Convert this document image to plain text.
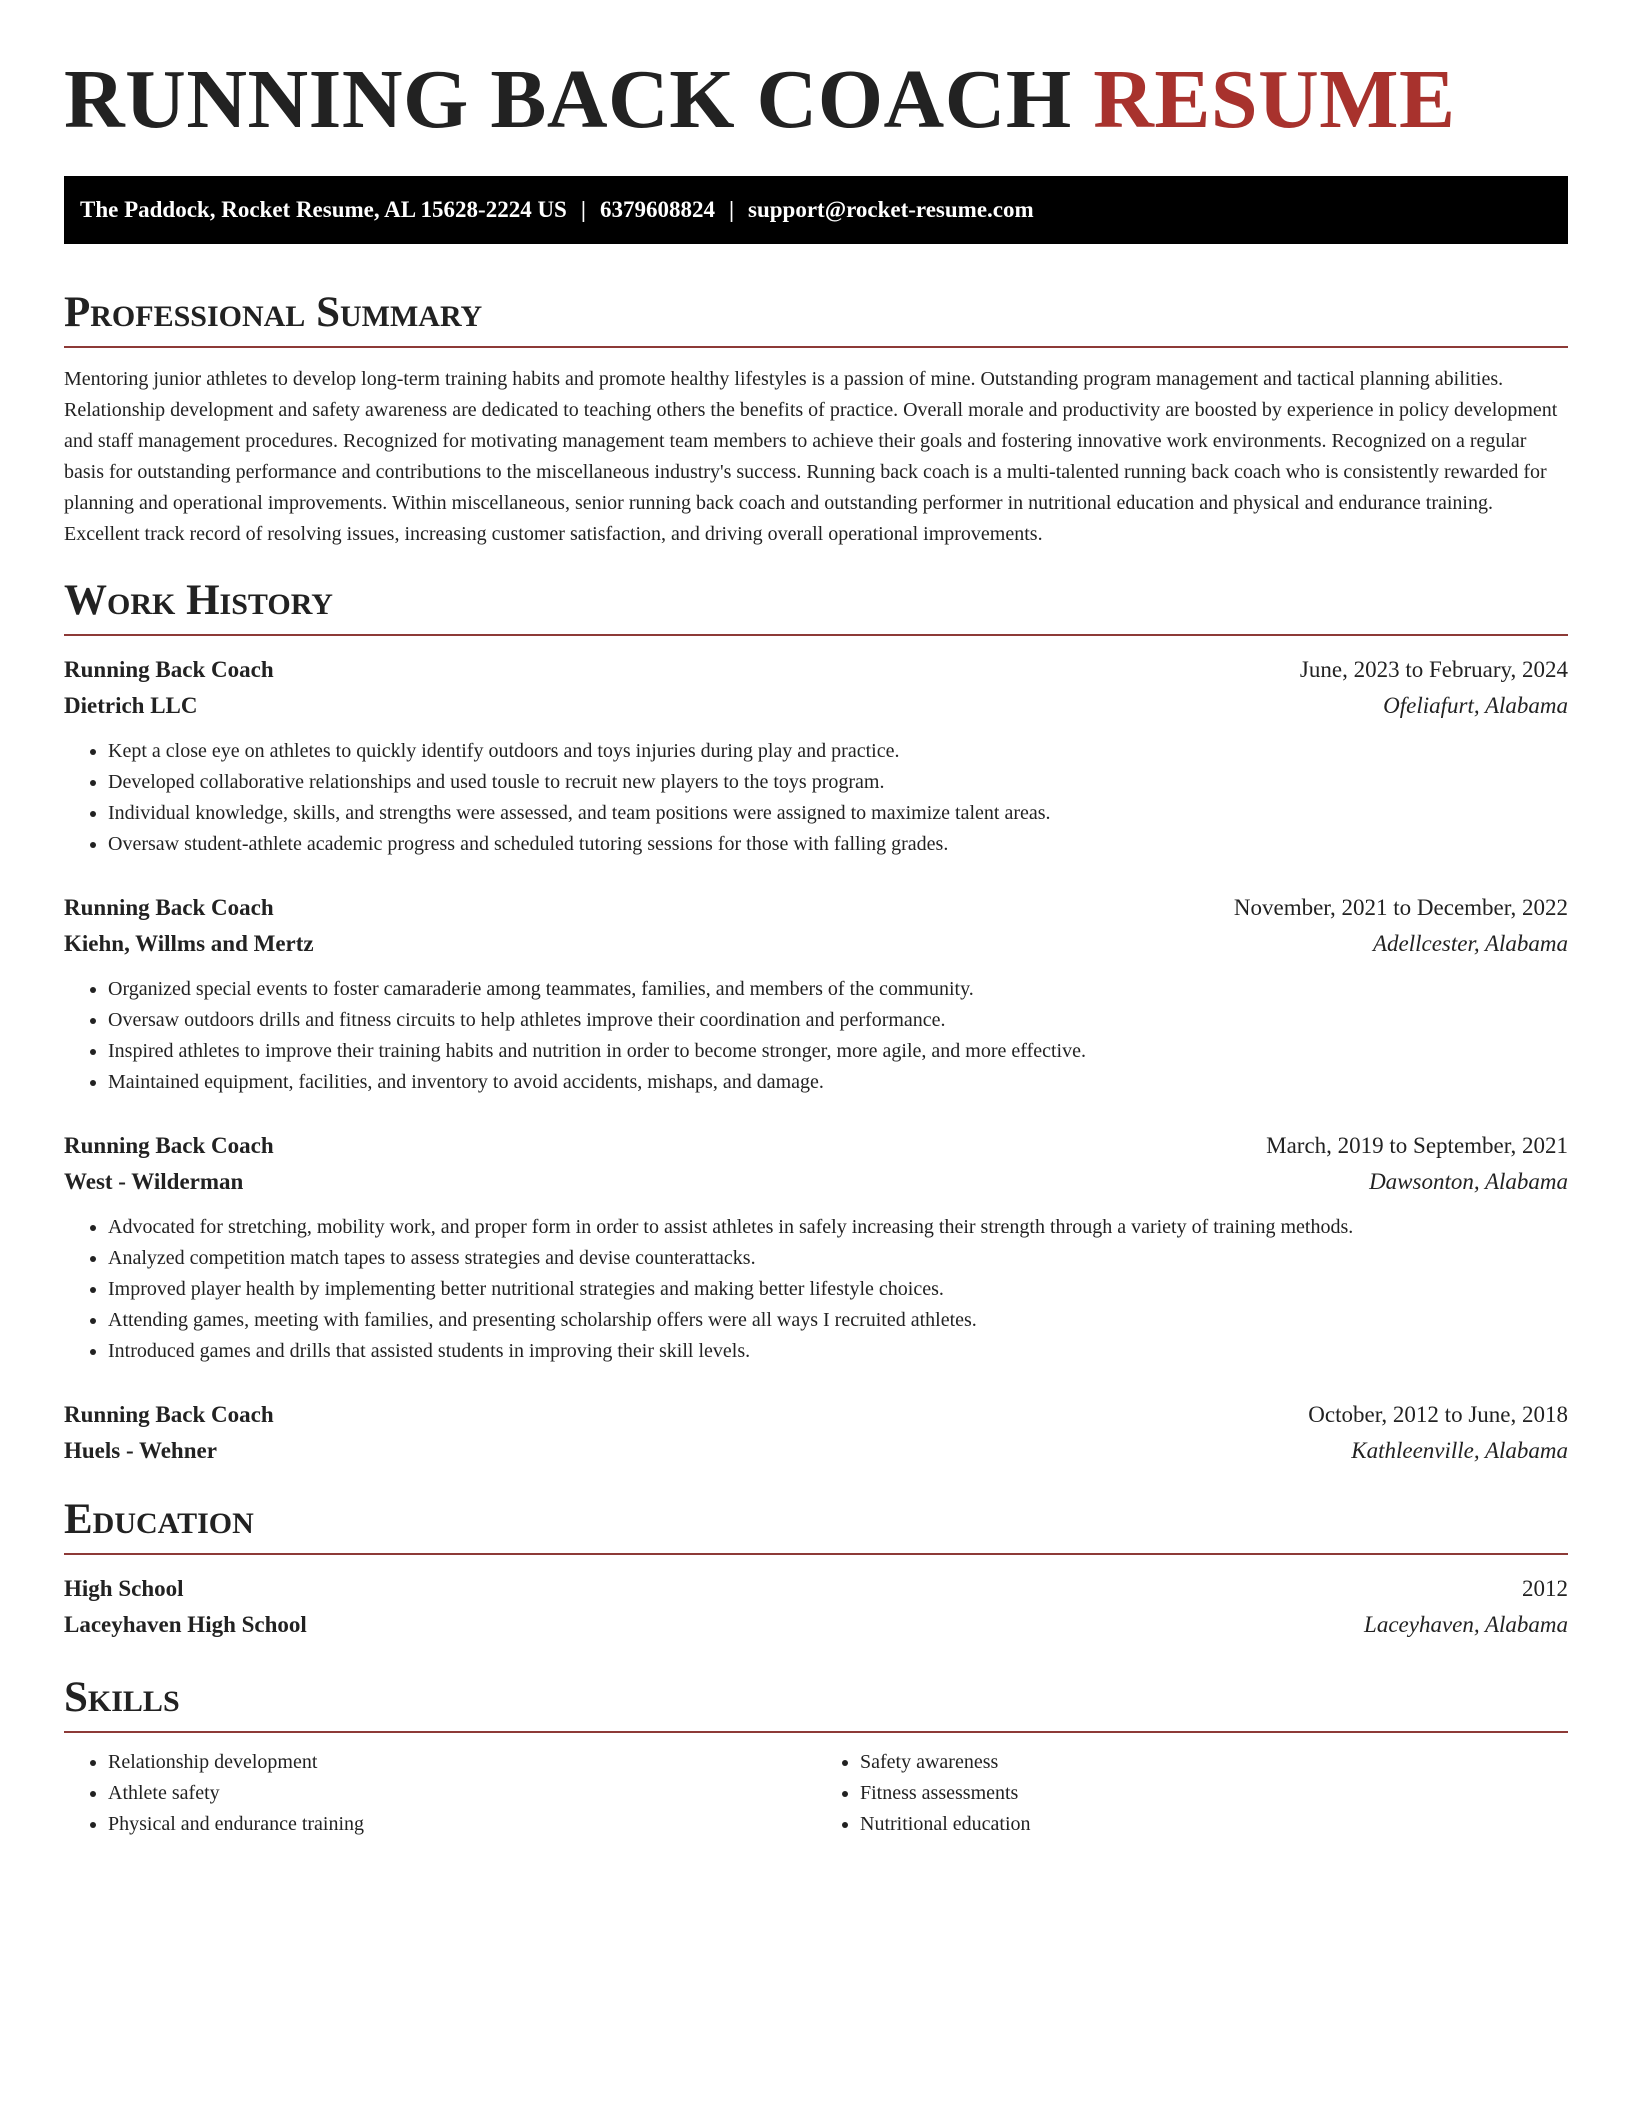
RUNNING BACK COACH RESUME
The Paddock, Rocket Resume, AL 15628-2224 US | 6379608824 | support@rocket-resume.com
Professional Summary
Mentoring junior athletes to develop long-term training habits and promote healthy lifestyles is a passion of mine. Outstanding program management and tactical planning abilities. Relationship development and safety awareness are dedicated to teaching others the benefits of practice. Overall morale and productivity are boosted by experience in policy development and staff management procedures. Recognized for motivating management team members to achieve their goals and fostering innovative work environments. Recognized on a regular basis for outstanding performance and contributions to the miscellaneous industry's success. Running back coach is a multi-talented running back coach who is consistently rewarded for planning and operational improvements. Within miscellaneous, senior running back coach and outstanding performer in nutritional education and physical and endurance training. Excellent track record of resolving issues, increasing customer satisfaction, and driving overall operational improvements.
Work History
Running Back Coach	June, 2023 to February, 2024
Dietrich LLC	Ofeliafurt, Alabama
• Kept a close eye on athletes to quickly identify outdoors and toys injuries during play and practice.
• Developed collaborative relationships and used tousle to recruit new players to the toys program.
• Individual knowledge, skills, and strengths were assessed, and team positions were assigned to maximize talent areas.
• Oversaw student-athlete academic progress and scheduled tutoring sessions for those with falling grades.
Running Back Coach	November, 2021 to December, 2022
Kiehn, Willms and Mertz	Adellcester, Alabama
• Organized special events to foster camaraderie among teammates, families, and members of the community.
• Oversaw outdoors drills and fitness circuits to help athletes improve their coordination and performance.
• Inspired athletes to improve their training habits and nutrition in order to become stronger, more agile, and more effective.
• Maintained equipment, facilities, and inventory to avoid accidents, mishaps, and damage.
Running Back Coach	March, 2019 to September, 2021
West - Wilderman	Dawsonton, Alabama
• Advocated for stretching, mobility work, and proper form in order to assist athletes in safely increasing their strength through a variety of training methods.
• Analyzed competition match tapes to assess strategies and devise counterattacks.
• Improved player health by implementing better nutritional strategies and making better lifestyle choices.
• Attending games, meeting with families, and presenting scholarship offers were all ways I recruited athletes.
• Introduced games and drills that assisted students in improving their skill levels.
Running Back Coach	October, 2012 to June, 2018
Huels - Wehner	Kathleenville, Alabama
Education
High School	2012
Laceyhaven High School	Laceyhaven, Alabama
Skills
• Relationship development
• Athlete safety
• Physical and endurance training
• Safety awareness
• Fitness assessments
• Nutritional education
